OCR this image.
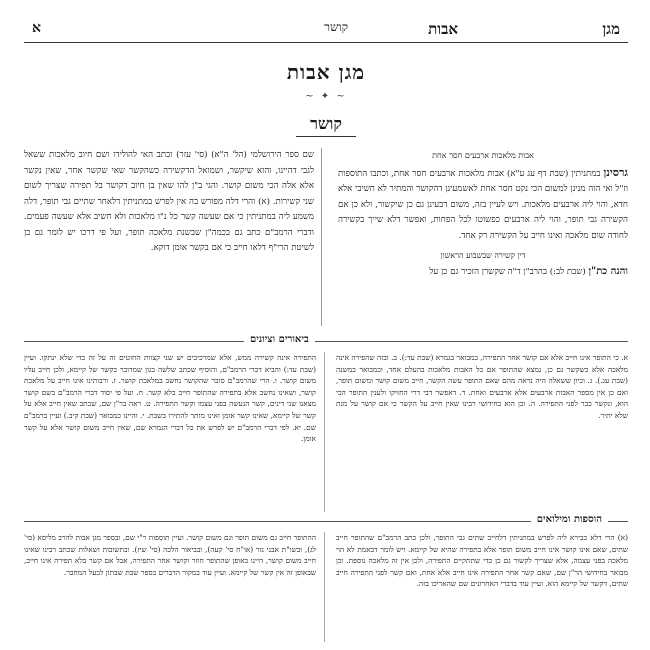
מגן
אבות
קושר
א
מגן אבות
~ ✦ ~
קושר
אבות מלאכות ארבעים חסר אחת

גרסינן במתניתין (שבת דף עג ע"א) אבות מלאכות ארבעים חסר אחת, וכתבו התוספות וז"ל ואי הוה מנינן למשום הכי נקט חסר אחת לאשמעינן דהקושר והמתיר לא חשיבי אלא חדא, והוי ליה ארבעים מלאכות. ויש לעיין בזה, משום דבעינן גם כן שיקשור, ולא כן אם הקשירה גבי תופר, והוי ליה ארבעים כפשוטו לכל הפחות, ואפשר דלא שייך בקשירה לחודה שום מלאכה ואינו חייב על הקשירה רק אחד.

דין קשירה שבשבוע הראשון

והנה כת"ן (שבת לב:) בהרב"ן ד"ה שקשרן הזכיר גם כן על

שם ספר הירושלמי (הל' ה"א) (סי' עזר) וכתב האי להולידו ושם חיוב מלאכות ששאל לגבי דהיינו, והוא שיקשר, ושמואל הדקשירה כשהקשר שאי שקשר אחר, שאין נקשר אלא אלה הכי משום קושר. והגי ב"ן להו שאין בן חיוב דקושר בל תפירה שצריך לשום שני קשירות. (א) והרי דלה מפורש בה אין לפרש במתניתין דלאחר שתיים גבי תופר, דלה משמע ליה במתניתין כי אם שעשה קשר כל נ"ו מלאכות ולא חשיב אלא שעשה פעמים. ודברי הרמב"ם כתב גם בכמה"ן שבשנת מלאכה תופר, ועל פי דרכו יש לומר גם כן לשיטת הרי"ף דלאו חייב כי אם בקשר אומן דוקא.

ביאורים וציונים

א. כי התופר אינו חייב אלא אם קושר אחר התפירה, כמבואר בגמרא (שבת עד:). ב. ובזה שהפירה אינה מלאכה אלא כשקשר גם כן, נמצא שהתופר אם כל האבות מלאכות בהעלם אחד, וכמבואר במשנה (שבת עג.). ג. וכיון ששאלה היה נראה מהם שאם התופר עשה הקשר, חייב משום קושר ומשום תופר, ואם כן אין מספר האבות ארבעים אלא ארבעים ואחת. ד. דאפשר דבי דרי החזיקו ולענין התופר הכי הוא, ונקשר כבר לפני התפירה. ה. וכן הוא בחידושי רבינו שאין חייב על הקשר כי אם קושר על מנת שלא יתיר.

התפירה אינה קשירה ממש, אלא שמרכיבים יש שני קצוות החוטים זה על זה כדי שלא ינתקו. ועיין (שבת עד:) והביא דברי הרמב"ם, והוסיף שכתב שלשה כגון שמדובר בקשר של קיימא, ולכן חייב עליו משום קושר. ו. הרי שהרמב"ם סובר שהקושר נחשב במלאכת קושר. ז. ורבותינו אינו חייב על מלאכת קושר, ושאינו נחשב אלא בתפירה שהתופר חייב בלא קשר. ח. ועל פי יסוד דברי הרמב"ם בשם קושר מצאנו שני דינים, קשר הנעשה בפני עצמו וקשר התפירה. ט. ראה בר"ן שם, שכתב שאין חייב אלא על קשר של קיימא, שאינו קשר אומן ואינו מותר להתירו בשבת. י. והיינו כמבואר (שבת קיב.) ועיין ברמב"ם שם. יא. לפי דברי הרמב"ם יש לפרש את כל דברי הגמרא שם, שאין חייב משום קושר אלא על קשר אומן.

הוספות ומילואים

(א) הרי דלא כבירא ליה לפרש במתניתין דלחייב שתים גבי התופר, ולכן כתב הרמב"ם שהתופר חייב שתים, שאם אינו קושר אינו חייב משום תופר אלא בתפירה שהיא של קיימא. ויש לומר דבאמת לא הוי מלאכה בפני עצמה, אלא שצריך לקשור גם כן כדי שתתקיים התפירה, ולכן אין זה מלאכה נוספת. וכן מבואר בחידושי הר"ן שם, שאם קשר אחר התפירה אינו חייב אלא אחת, ואם קשר לפני התפירה חייב שתים, דקשר של קיימא הוא. ועיין עוד בדברי האחרונים שם שהאריכו בזה.

ההתופר חייב גם משום תופר וגם משום קושר. ועיין תוספות ר"י שם, ובספר מגן אבות להרב מליסא (סי' לג), ובשו"ת אבני נזר (או"ח סי' קעה), ובביאור הלכה (סי' שיז). ובתשובות ושאלות שכתב רבינו שאינו חייב משום קושר, היינו באופן שהתופר חוזר וקושר אחר התפירה, אבל אם קשר בלא תפירה אינו חייב, שבאופן זה אין קשר של קיימא. ועיין עוד במקור הדברים בספר שבת שבתון לבעל המחבר.
